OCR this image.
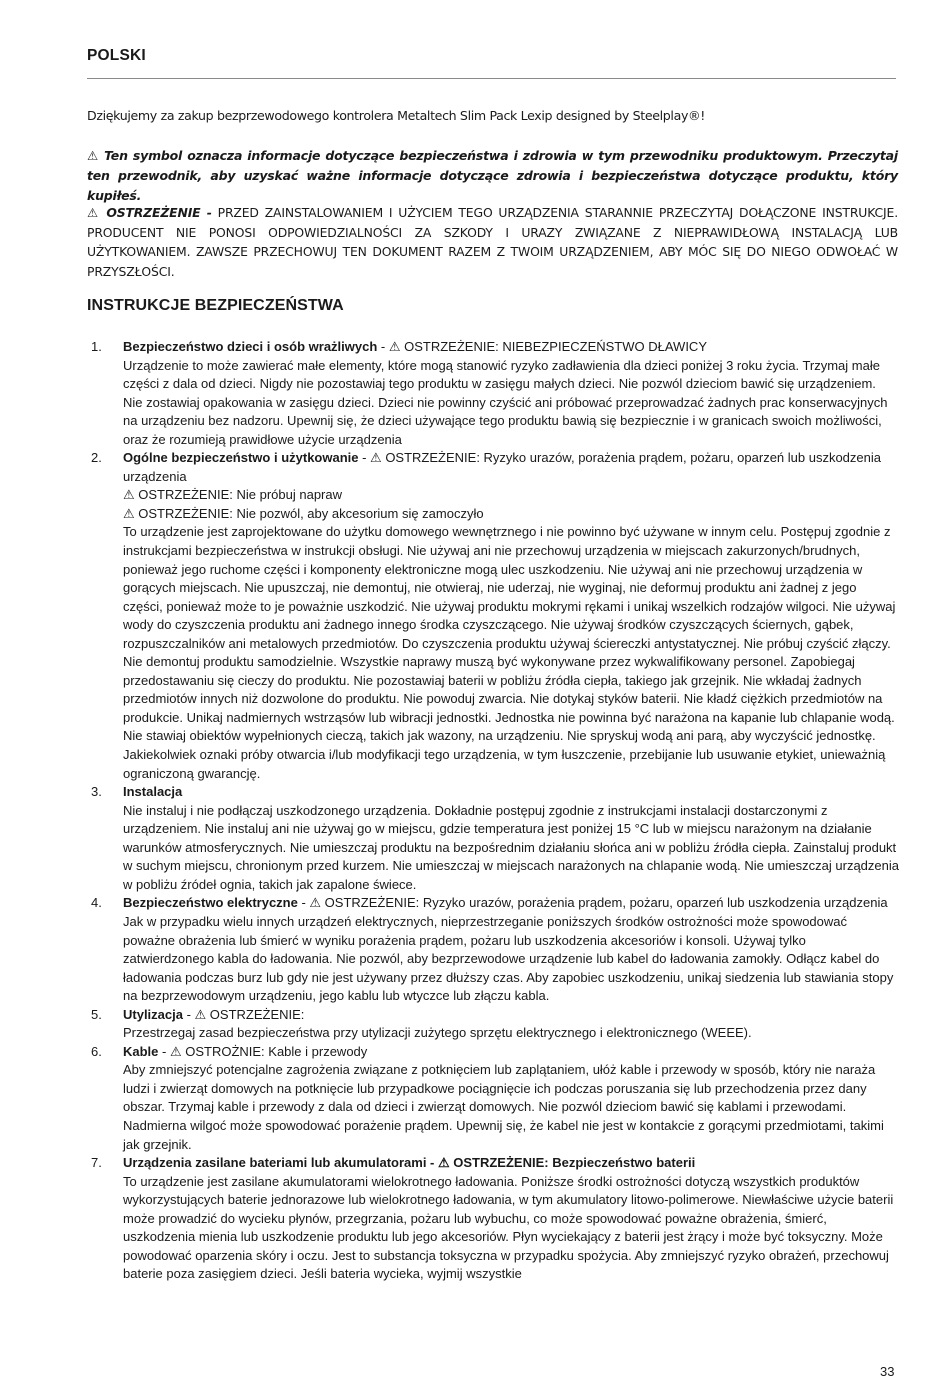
POLSKI
Dziękujemy za zakup bezprzewodowego kontrolera Metaltech Slim Pack Lexip designed by Steelplay®!
⚠ Ten symbol oznacza informacje dotyczące bezpieczeństwa i zdrowia w tym przewodniku produktowym. Przeczytaj ten przewodnik, aby uzyskać ważne informacje dotyczące zdrowia i bezpieczeństwa dotyczące produktu, który kupiłeś.
⚠ OSTRZEŻENIE - PRZED ZAINSTALOWANIEM I UŻYCIEM TEGO URZĄDZENIA STARANNIE PRZECZYTAJ DOŁĄCZONE INSTRUKCJE. PRODUCENT NIE PONOSI ODPOWIEDZIALNOŚCI ZA SZKODY I URAZY ZWIĄZANE Z NIEPRAWIDŁOWĄ INSTALACJĄ LUB UŻYTKOWANIEM. ZAWSZE PRZECHOWUJ TEN DOKUMENT RAZEM Z TWOIM URZĄDZENIEM, ABY MÓC SIĘ DO NIEGO ODWOŁAĆ W PRZYSZŁOŚCI.
INSTRUKCJE BEZPIECZEŃSTWA
1. Bezpieczeństwo dzieci i osób wrażliwych - ⚠ OSTRZEŻENIE: NIEBEZPIECZEŃSTWO DŁAWICY
Urządzenie to może zawierać małe elementy, które mogą stanowić ryzyko zadławienia dla dzieci poniżej 3 roku życia. Trzymaj małe części z dala od dzieci. Nigdy nie pozostawiaj tego produktu w zasięgu małych dzieci. Nie pozwól dzieciom bawić się urządzeniem. Nie zostawiaj opakowania w zasięgu dzieci. Dzieci nie powinny czyścić ani próbować przeprowadzać żadnych prac konserwacyjnych na urządzeniu bez nadzoru. Upewnij się, że dzieci używające tego produktu bawią się bezpiecznie i w granicach swoich możliwości, oraz że rozumieją prawidłowe użycie urządzenia
2. Ogólne bezpieczeństwo i użytkowanie - ⚠ OSTRZEŻENIE: Ryzyko urazów, porażenia prądem, pożaru, oparzeń lub uszkodzenia urządzenia
⚠ OSTRZEŻENIE: Nie próbuj napraw
⚠ OSTRZEŻENIE: Nie pozwól, aby akcesorium się zamoczyło
To urządzenie jest zaprojektowane do użytku domowego wewnętrznego i nie powinno być używane w innym celu. Postępuj zgodnie z instrukcjami bezpieczeństwa w instrukcji obsługi. Nie używaj ani nie przechowuj urządzenia w miejscach zakurzonych/brudnych, ponieważ jego ruchome części i komponenty elektroniczne mogą ulec uszkodzeniu. Nie używaj ani nie przechowuj urządzenia w gorących miejscach. Nie upuszczaj, nie demontuj, nie otwieraj, nie uderzaj, nie wyginaj, nie deformuj produktu ani żadnej z jego części, ponieważ może to je poważnie uszkodzić. Nie używaj produktu mokrymi rękami i unikaj wszelkich rodzajów wilgoci. Nie używaj wody do czyszczenia produktu ani żadnego innego środka czyszczącego. Nie używaj środków czyszczących ściernych, gąbek, rozpuszczalników ani metalowych przedmiotów. Do czyszczenia produktu używaj ściereczki antystatycznej. Nie próbuj czyścić złączy. Nie demontuj produktu samodzielnie. Wszystkie naprawy muszą być wykonywane przez wykwalifikowany personel. Zapobiegaj przedostawaniu się cieczy do produktu. Nie pozostawiaj baterii w pobliżu źródła ciepła, takiego jak grzejnik. Nie wkładaj żadnych przedmiotów innych niż dozwolone do produktu. Nie powoduj zwarcia. Nie dotykaj styków baterii. Nie kładź ciężkich przedmiotów na produkcie. Unikaj nadmiernych wstrząsów lub wibracji jednostki. Jednostka nie powinna być narażona na kapanie lub chlapanie wodą. Nie stawiaj obiektów wypełnionych cieczą, takich jak wazony, na urządzeniu. Nie spryskuj wodą ani parą, aby wyczyścić jednostkę. Jakiekolwiek oznaki próby otwarcia i/lub modyfikacji tego urządzenia, w tym łuszczenie, przebijanie lub usuwanie etykiet, unieważnią ograniczoną gwarancję.
3. Instalacja
Nie instaluj i nie podłączaj uszkodzonego urządzenia. Dokładnie postępuj zgodnie z instrukcjami instalacji dostarczonymi z urządzeniem. Nie instaluj ani nie używaj go w miejscu, gdzie temperatura jest poniżej 15 °C lub w miejscu narażonym na działanie warunków atmosferycznych. Nie umieszczaj produktu na bezpośrednim działaniu słońca ani w pobliżu źródła ciepła. Zainstaluj produkt w suchym miejscu, chronionym przed kurzem. Nie umieszczaj w miejscach narażonych na chlapanie wodą. Nie umieszczaj urządzenia w pobliżu źródeł ognia, takich jak zapalone świece.
4. Bezpieczeństwo elektryczne - ⚠ OSTRZEŻENIE: Ryzyko urazów, porażenia prądem, pożaru, oparzeń lub uszkodzenia urządzenia
Jak w przypadku wielu innych urządzeń elektrycznych, nieprzestrzeganie poniższych środków ostrożności może spowodować poważne obrażenia lub śmierć w wyniku porażenia prądem, pożaru lub uszkodzenia akcesoriów i konsoli. Używaj tylko zatwierdzonego kabla do ładowania. Nie pozwól, aby bezprzewodowe urządzenie lub kabel do ładowania zamokły. Odłącz kabel do ładowania podczas burz lub gdy nie jest używany przez dłuższy czas. Aby zapobiec uszkodzeniu, unikaj siedzenia lub stawiania stopy na bezprzewodowym urządzeniu, jego kablu lub wtyczce lub złączu kabla.
5. Utylizacja - ⚠ OSTRZEŻENIE:
Przestrzegaj zasad bezpieczeństwa przy utylizacji zużytego sprzętu elektrycznego i elektronicznego (WEEE).
6. Kable - ⚠ OSTROŻNIE: Kable i przewody
Aby zmniejszyć potencjalne zagrożenia związane z potknięciem lub zaplątaniem, ułóż kable i przewody w sposób, który nie naraża ludzi i zwierząt domowych na potknięcie lub przypadkowe pociągnięcie ich podczas poruszania się lub przechodzenia przez dany obszar. Trzymaj kable i przewody z dala od dzieci i zwierząt domowych. Nie pozwól dzieciom bawić się kablami i przewodami. Nadmierna wilgoć może spowodować porażenie prądem. Upewnij się, że kabel nie jest w kontakcie z gorącymi przedmiotami, takimi jak grzejnik.
7. Urządzenia zasilane bateriami lub akumulatorami - ⚠ OSTRZEŻENIE: Bezpieczeństwo baterii
To urządzenie jest zasilane akumulatorami wielokrotnego ładowania. Poniższe środki ostrożności dotyczą wszystkich produktów wykorzystujących baterie jednorazowe lub wielokrotnego ładowania, w tym akumulatory litowo-polimerowe. Niewłaściwe użycie baterii może prowadzić do wycieku płynów, przegrzania, pożaru lub wybuchu, co może spowodować poważne obrażenia, śmierć, uszkodzenia mienia lub uszkodzenie produktu lub jego akcesoriów. Płyn wyciekający z baterii jest żrący i może być toksyczny. Może powodować oparzenia skóry i oczu. Jest to substancja toksyczna w przypadku spożycia. Aby zmniejszyć ryzyko obrażeń, przechowuj baterie poza zasięgiem dzieci. Jeśli bateria wycieka, wyjmij wszystkie
33
